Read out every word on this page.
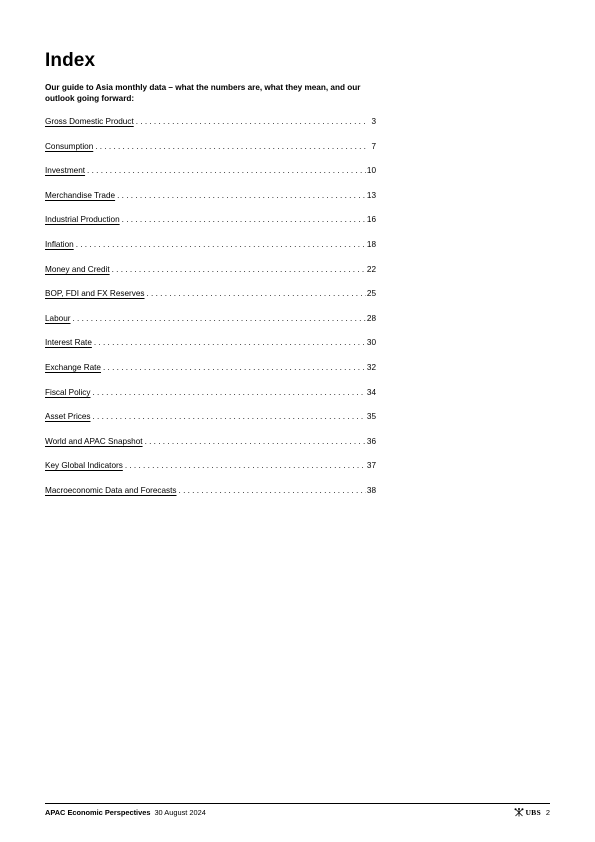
Index

Our guide to Asia monthly data – what the numbers are, what they mean, and our outlook going forward:

Gross Domestic Product . . .	3
Consumption . . .	7
Investment . . .	10
Merchandise Trade . . .	13
Industrial Production . . .	16
Inflation . . .	18
Money and Credit . . .	22
BOP, FDI and FX Reserves . . .	25
Labour . . .	28
Interest Rate . . .	30
Exchange Rate . . .	32
Fiscal Policy . . .	34
Asset Prices . . .	35
World and APAC Snapshot . . .	36
Key Global Indicators . . .	37
Macroeconomic Data and Forecasts . . .	38
APAC Economic Perspectives 30 August 2024	UBS 2
